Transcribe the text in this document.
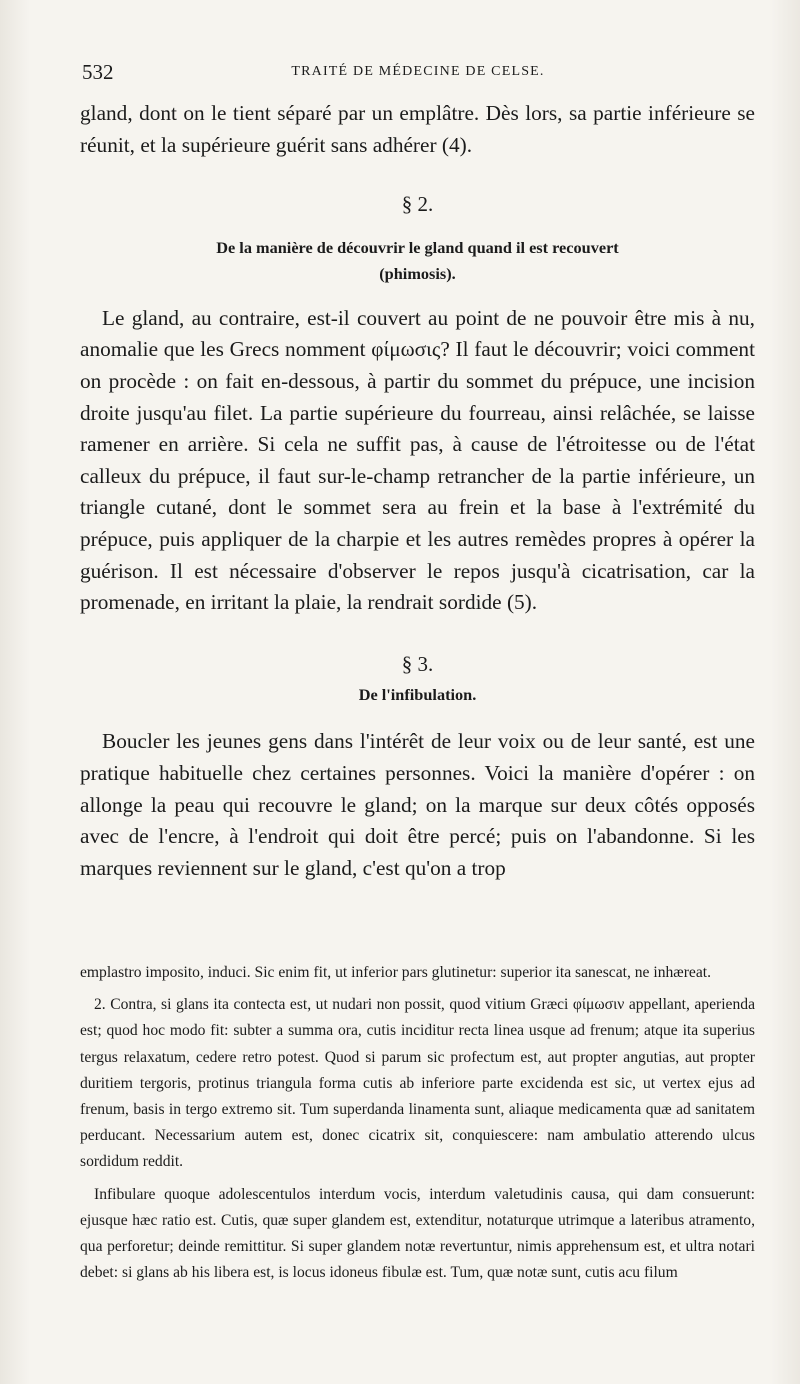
532	TRAITÉ DE MÉDECINE DE CELSE.

gland, dont on le tient séparé par un emplâtre. Dès lors, sa partie inférieure se réunit, et la supérieure guérit sans adhérer (4).

§ 2.

De la manière de découvrir le gland quand il est recouvert

(phimosis).

Le gland, au contraire, est-il couvert au point de ne pouvoir être mis à nu, anomalie que les Grecs nomment φίμωσις? Il faut le découvrir; voici comment on procède : on fait en-dessous, à partir du sommet du prépuce, une incision droite jusqu'au filet. La partie supérieure du fourreau, ainsi relâchée, se laisse ramener en arrière. Si cela ne suffit pas, à cause de l'étroitesse ou de l'état calleux du prépuce, il faut sur-le-champ retrancher de la partie inférieure, un triangle cutané, dont le sommet sera au frein et la base à l'extrémité du prépuce, puis appliquer de la charpie et les autres remèdes propres à opérer la guérison. Il est nécessaire d'observer le repos jusqu'à cicatrisation, car la promenade, en irritant la plaie, la rendrait sordide (5).

§ 3.

De l'infibulation.

Boucler les jeunes gens dans l'intérêt de leur voix ou de leur santé, est une pratique habituelle chez certaines personnes. Voici la manière d'opérer : on allonge la peau qui recouvre le gland; on la marque sur deux côtés opposés avec de l'encre, à l'endroit qui doit être percé; puis on l'abandonne. Si les marques reviennent sur le gland, c'est qu'on a trop

emplastro imposito, induci. Sic enim fit, ut inferior pars glutinetur: superior ita sanescat, ne inhæreat.

2. Contra, si glans ita contecta est, ut nudari non possit, quod vitium Græci φίμωσιν appellant, aperienda est; quod hoc modo fit: subter a summa ora, cutis inciditur recta linea usque ad frenum; atque ita superius tergus relaxatum, cedere retro potest. Quod si parum sic profectum est, aut propter angutias, aut propter duritiem tergoris, protinus triangula forma cutis ab inferiore parte excidenda est sic, ut vertex ejus ad frenum, basis in tergo extremo sit. Tum superdanda linamenta sunt, aliaque medicamenta quæ ad sanitatem perducant. Necessarium autem est, donec cicatrix sit, conquiescere: nam ambulatio atterendo ulcus sordidum reddit.

Infibulare quoque adolescentulos interdum vocis, interdum valetudinis causa, qui dam consuerunt: ejusque hæc ratio est. Cutis, quæ super glandem est, extenditur, notaturque utrimque a lateribus atramento, qua perforetur; deinde remittitur. Si super glandem notæ revertuntur, nimis apprehensum est, et ultra notari debet: si glans ab his libera est, is locus idoneus fibulæ est. Tum, quæ notæ sunt, cutis acu filum
